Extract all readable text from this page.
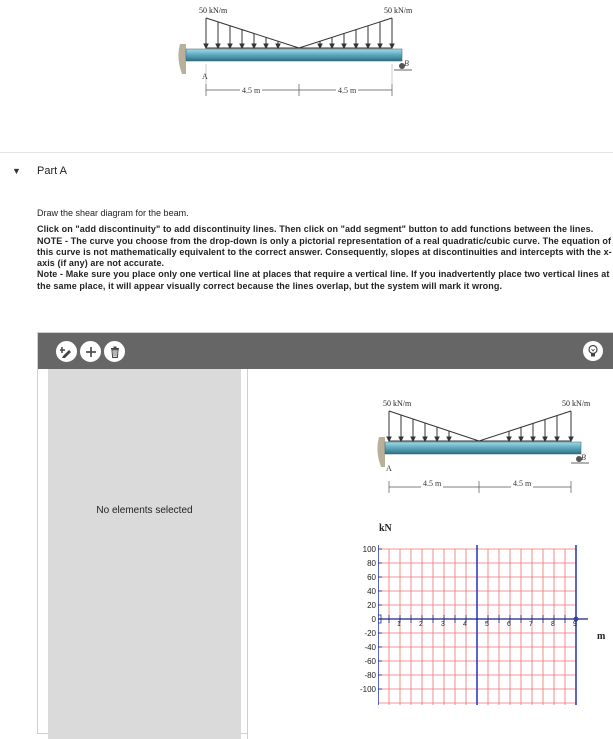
50 kN/m	50 kN/m
A
B
4.5 m	4.5 m
▼ Part A

Draw the shear diagram for the beam.

Click on "add discontinuity" to add discontinuity lines. Then click on "add segment" button to add functions between the lines. NOTE - The curve you choose from the drop-down is only a pictorial representation of a real quadratic/cubic curve. The equation of this curve is not mathematically equivalent to the correct answer. Consequently, slopes at discontinuities and intercepts with the x-axis (if any) are not accurate.

Note - Make sure you place only one vertical line at places that require a vertical line. If you inadvertently place two vertical lines at the same place, it will appear visually correct because the lines overlap, but the system will mark it wrong.

No elements selected
50 kN/m	50 kN/m
A
B
4.5 m	4.5 m
kN
m
100
80
60
40
20
0
-20
-40
-60
-80
-100
1	2	3	4	5	6	7	8	9
